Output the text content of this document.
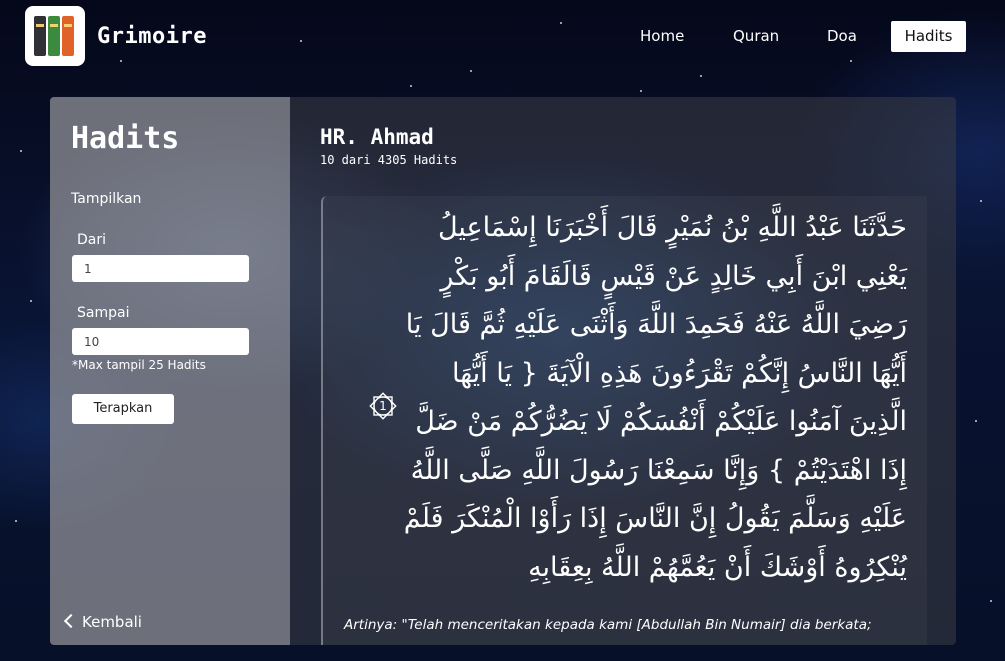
Grimoire	Home	Quran	Doa	Hadits
Hadits
Tampilkan
Dari
1
Sampai
10
*Max tampil 25 Hadits
Terapkan
Kembali
HR. Ahmad
10 dari 4305 Hadits
1
حَدَّثَنَا عَبْدُ اللَّهِ بْنُ نُمَيْرٍ قَالَ أَخْبَرَنَا إِسْمَاعِيلُ
يَعْنِي ابْنَ أَبِي خَالِدٍ عَنْ قَيْسٍ قَالَقَامَ أَبُو بَكْرٍ
رَضِيَ اللَّهُ عَنْهُ فَحَمِدَ اللَّهَ وَأَثْنَى عَلَيْهِ ثُمَّ قَالَ يَا
أَيُّهَا النَّاسُ إِنَّكُمْ تَقْرَءُونَ هَذِهِ الْآيَةَ { يَا أَيُّهَا
الَّذِينَ آمَنُوا عَلَيْكُمْ أَنْفُسَكُمْ لَا يَضُرُّكُمْ مَنْ ضَلَّ
إِذَا اهْتَدَيْتُمْ } وَإِنَّا سَمِعْنَا رَسُولَ اللَّهِ صَلَّى اللَّهُ
عَلَيْهِ وَسَلَّمَ يَقُولُ إِنَّ النَّاسَ إِذَا رَأَوْا الْمُنْكَرَ فَلَمْ
يُنْكِرُوهُ أَوْشَكَ أَنْ يَعُمَّهُمْ اللَّهُ بِعِقَابِهِ
Artinya: "Telah menceritakan kepada kami [Abdullah Bin Numair] dia berkata;
